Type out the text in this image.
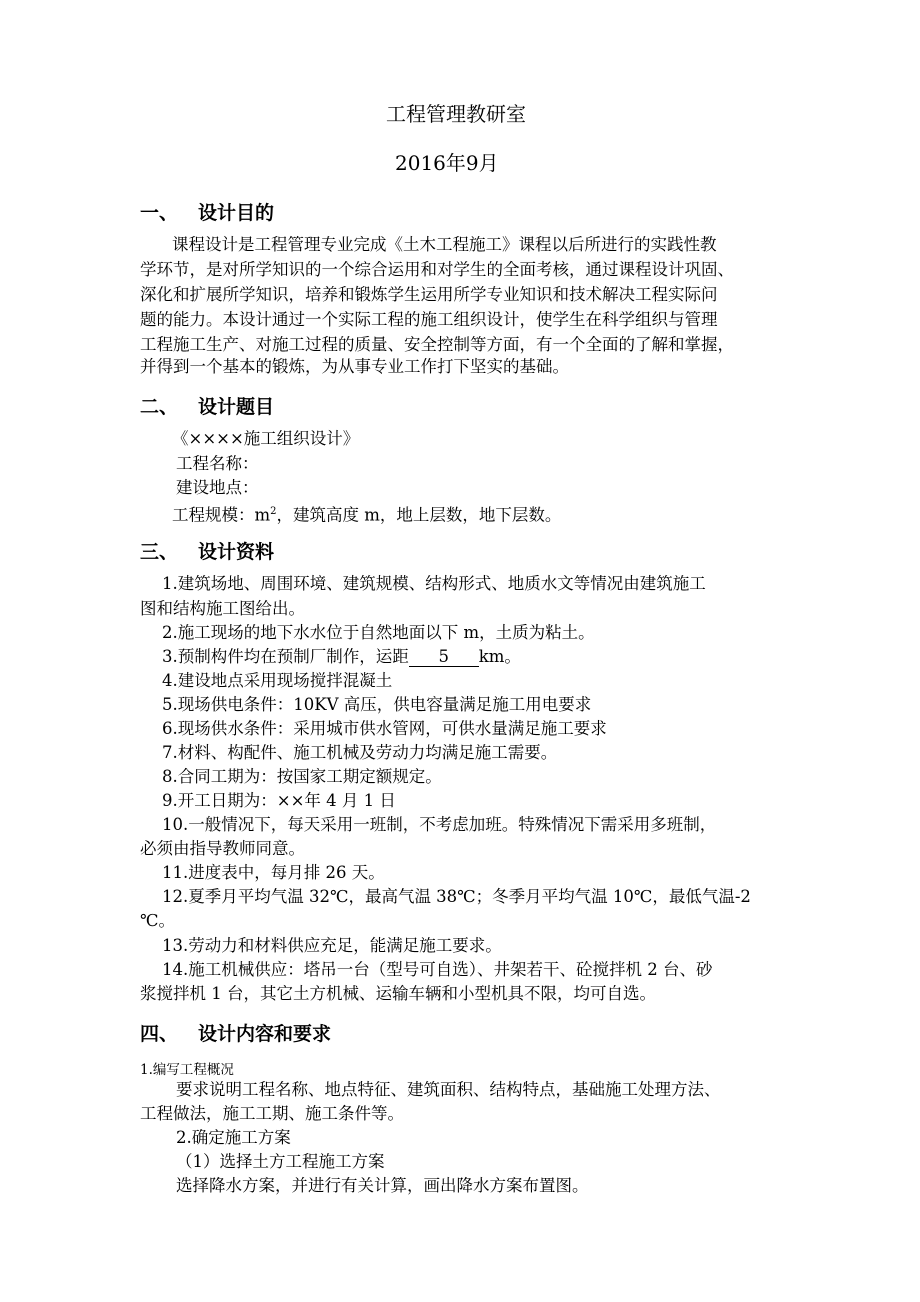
工程管理教研室
2016年9月
一、 设计目的
课程设计是工程管理专业完成《土木工程施工》课程以后所进行的实践性教
学环节，是对所学知识的一个综合运用和对学生的全面考核，通过课程设计巩固、
深化和扩展所学知识，培养和锻炼学生运用所学专业知识和技术解决工程实际问
题的能力。本设计通过一个实际工程的施工组织设计，使学生在科学组织与管理
工程施工生产、对施工过程的质量、安全控制等方面，有一个全面的了解和掌握，
并得到一个基本的锻炼，为从事专业工作打下坚实的基础。
二、 设计题目
《××××施工组织设计》
工程名称：
建设地点：
工程规模：$m^2$，建筑高度 m，地上层数，地下层数。
三、 设计资料
1.建筑场地、周围环境、建筑规模、结构形式、地质水文等情况由建筑施工
图和结构施工图给出。
2.施工现场的地下水水位于自然地面以下 m，土质为粘土。
3.预制构件均在预制厂制作，运距 5 km。
4.建设地点采用现场搅拌混凝土
5.现场供电条件：10KV 高压，供电容量满足施工用电要求
6.现场供水条件：采用城市供水管网，可供水量满足施工要求
7.材料、构配件、施工机械及劳动力均满足施工需要。
8.合同工期为：按国家工期定额规定。
9.开工日期为：××年 4 月 1 日
10.一般情况下，每天采用一班制，不考虑加班。特殊情况下需采用多班制，
必须由指导教师同意。
11.进度表中，每月排 26 天。
12.夏季月平均气温 32℃，最高气温 38℃；冬季月平均气温 10℃，最低气温-2
℃。
13.劳动力和材料供应充足，能满足施工要求。
14.施工机械供应：塔吊一台（型号可自选）、井架若干、砼搅拌机 2 台、砂
浆搅拌机 1 台，其它土方机械、运输车辆和小型机具不限，均可自选。
四、 设计内容和要求
1.编写工程概况
要求说明工程名称、地点特征、建筑面积、结构特点，基础施工处理方法、
工程做法，施工工期、施工条件等。
2.确定施工方案
（1）选择土方工程施工方案
选择降水方案，并进行有关计算，画出降水方案布置图。
